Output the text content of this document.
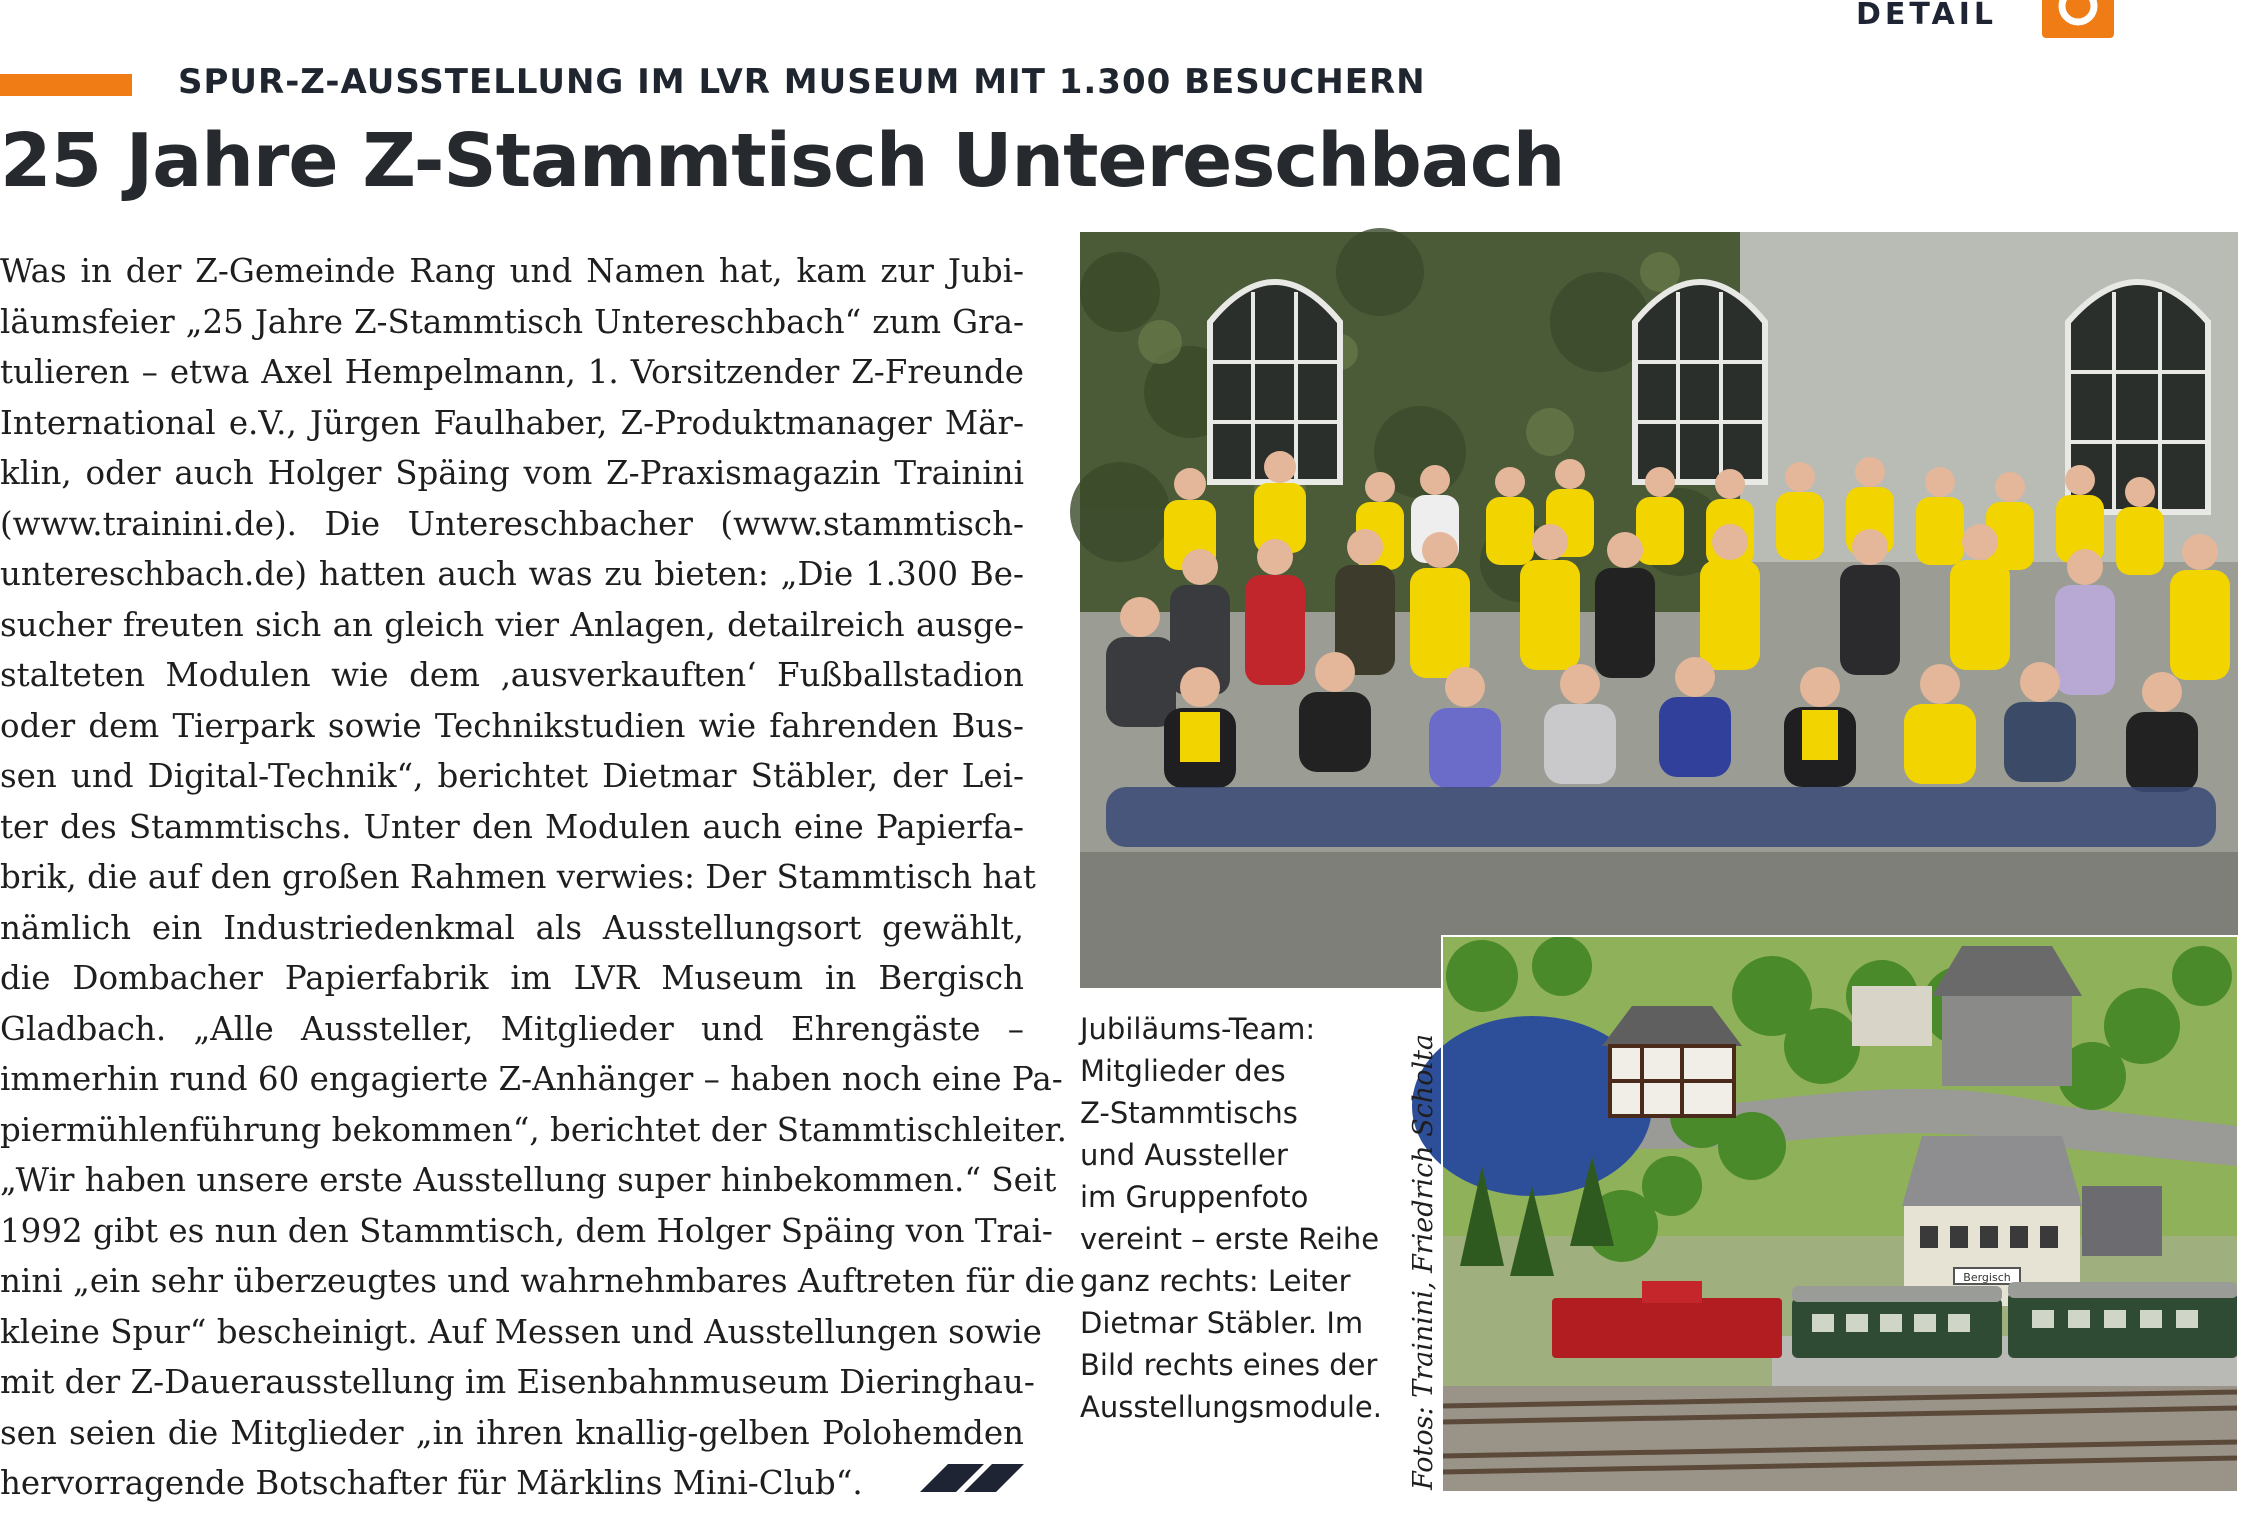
DETAIL
SPUR-Z-AUSSTELLUNG IM LVR MUSEUM MIT 1.300 BESUCHERN
25 Jahre Z-Stammtisch Untereschbach
Was in der Z-Gemeinde Rang und Namen hat, kam zur Jubi-
läumsfeier „25 Jahre Z-Stammtisch Untereschbach“ zum Gra-
tulieren – etwa Axel Hempelmann, 1. Vorsitzender Z-Freunde
International e.V., Jürgen Faulhaber, Z-Produktmanager Mär-
klin, oder auch Holger Späing vom Z-Praxismagazin Trainini
(www.trainini.de). Die Untereschbacher (www.stammtisch-
untereschbach.de) hatten auch was zu bieten: „Die 1.300 Be-
sucher freuten sich an gleich vier Anlagen, detailreich ausge-
stalteten Modulen wie dem ‚ausverkauften‘ Fußballstadion
oder dem Tierpark sowie Technikstudien wie fahrenden Bus-
sen und Digital-Technik“, berichtet Dietmar Stäbler, der Lei-
ter des Stammtischs. Unter den Modulen auch eine Papierfa-
brik, die auf den großen Rahmen verwies: Der Stammtisch hat
nämlich ein Industriedenkmal als Ausstellungsort gewählt,
die Dombacher Papierfabrik im LVR Museum in Bergisch
Gladbach. „Alle Aussteller, Mitglieder und Ehrengäste –
immerhin rund 60 engagierte Z-Anhänger – haben noch eine Pa-
piermühlenführung bekommen“, berichtet der Stammtischleiter.
„Wir haben unsere erste Ausstellung super hinbekommen.“ Seit
1992 gibt es nun den Stammtisch, dem Holger Späing von Trai-
nini „ein sehr überzeugtes und wahrnehmbares Auftreten für die
kleine Spur“ bescheinigt. Auf Messen und Ausstellungen sowie
mit der Z-Dauerausstellung im Eisenbahnmuseum Dieringhau-
sen seien die Mitglieder „in ihren knallig-gelben Polohemden
hervorragende Botschafter für Märklins Mini-Club“.
Bergisch
Jubiläums-Team:
Mitglieder des
Z-Stammtischs
und Aussteller
im Gruppenfoto
vereint – erste Reihe
ganz rechts: Leiter
Dietmar Stäbler. Im
Bild rechts eines der
Ausstellungsmodule. Fotos: Trainini, Friedrich Scholta
